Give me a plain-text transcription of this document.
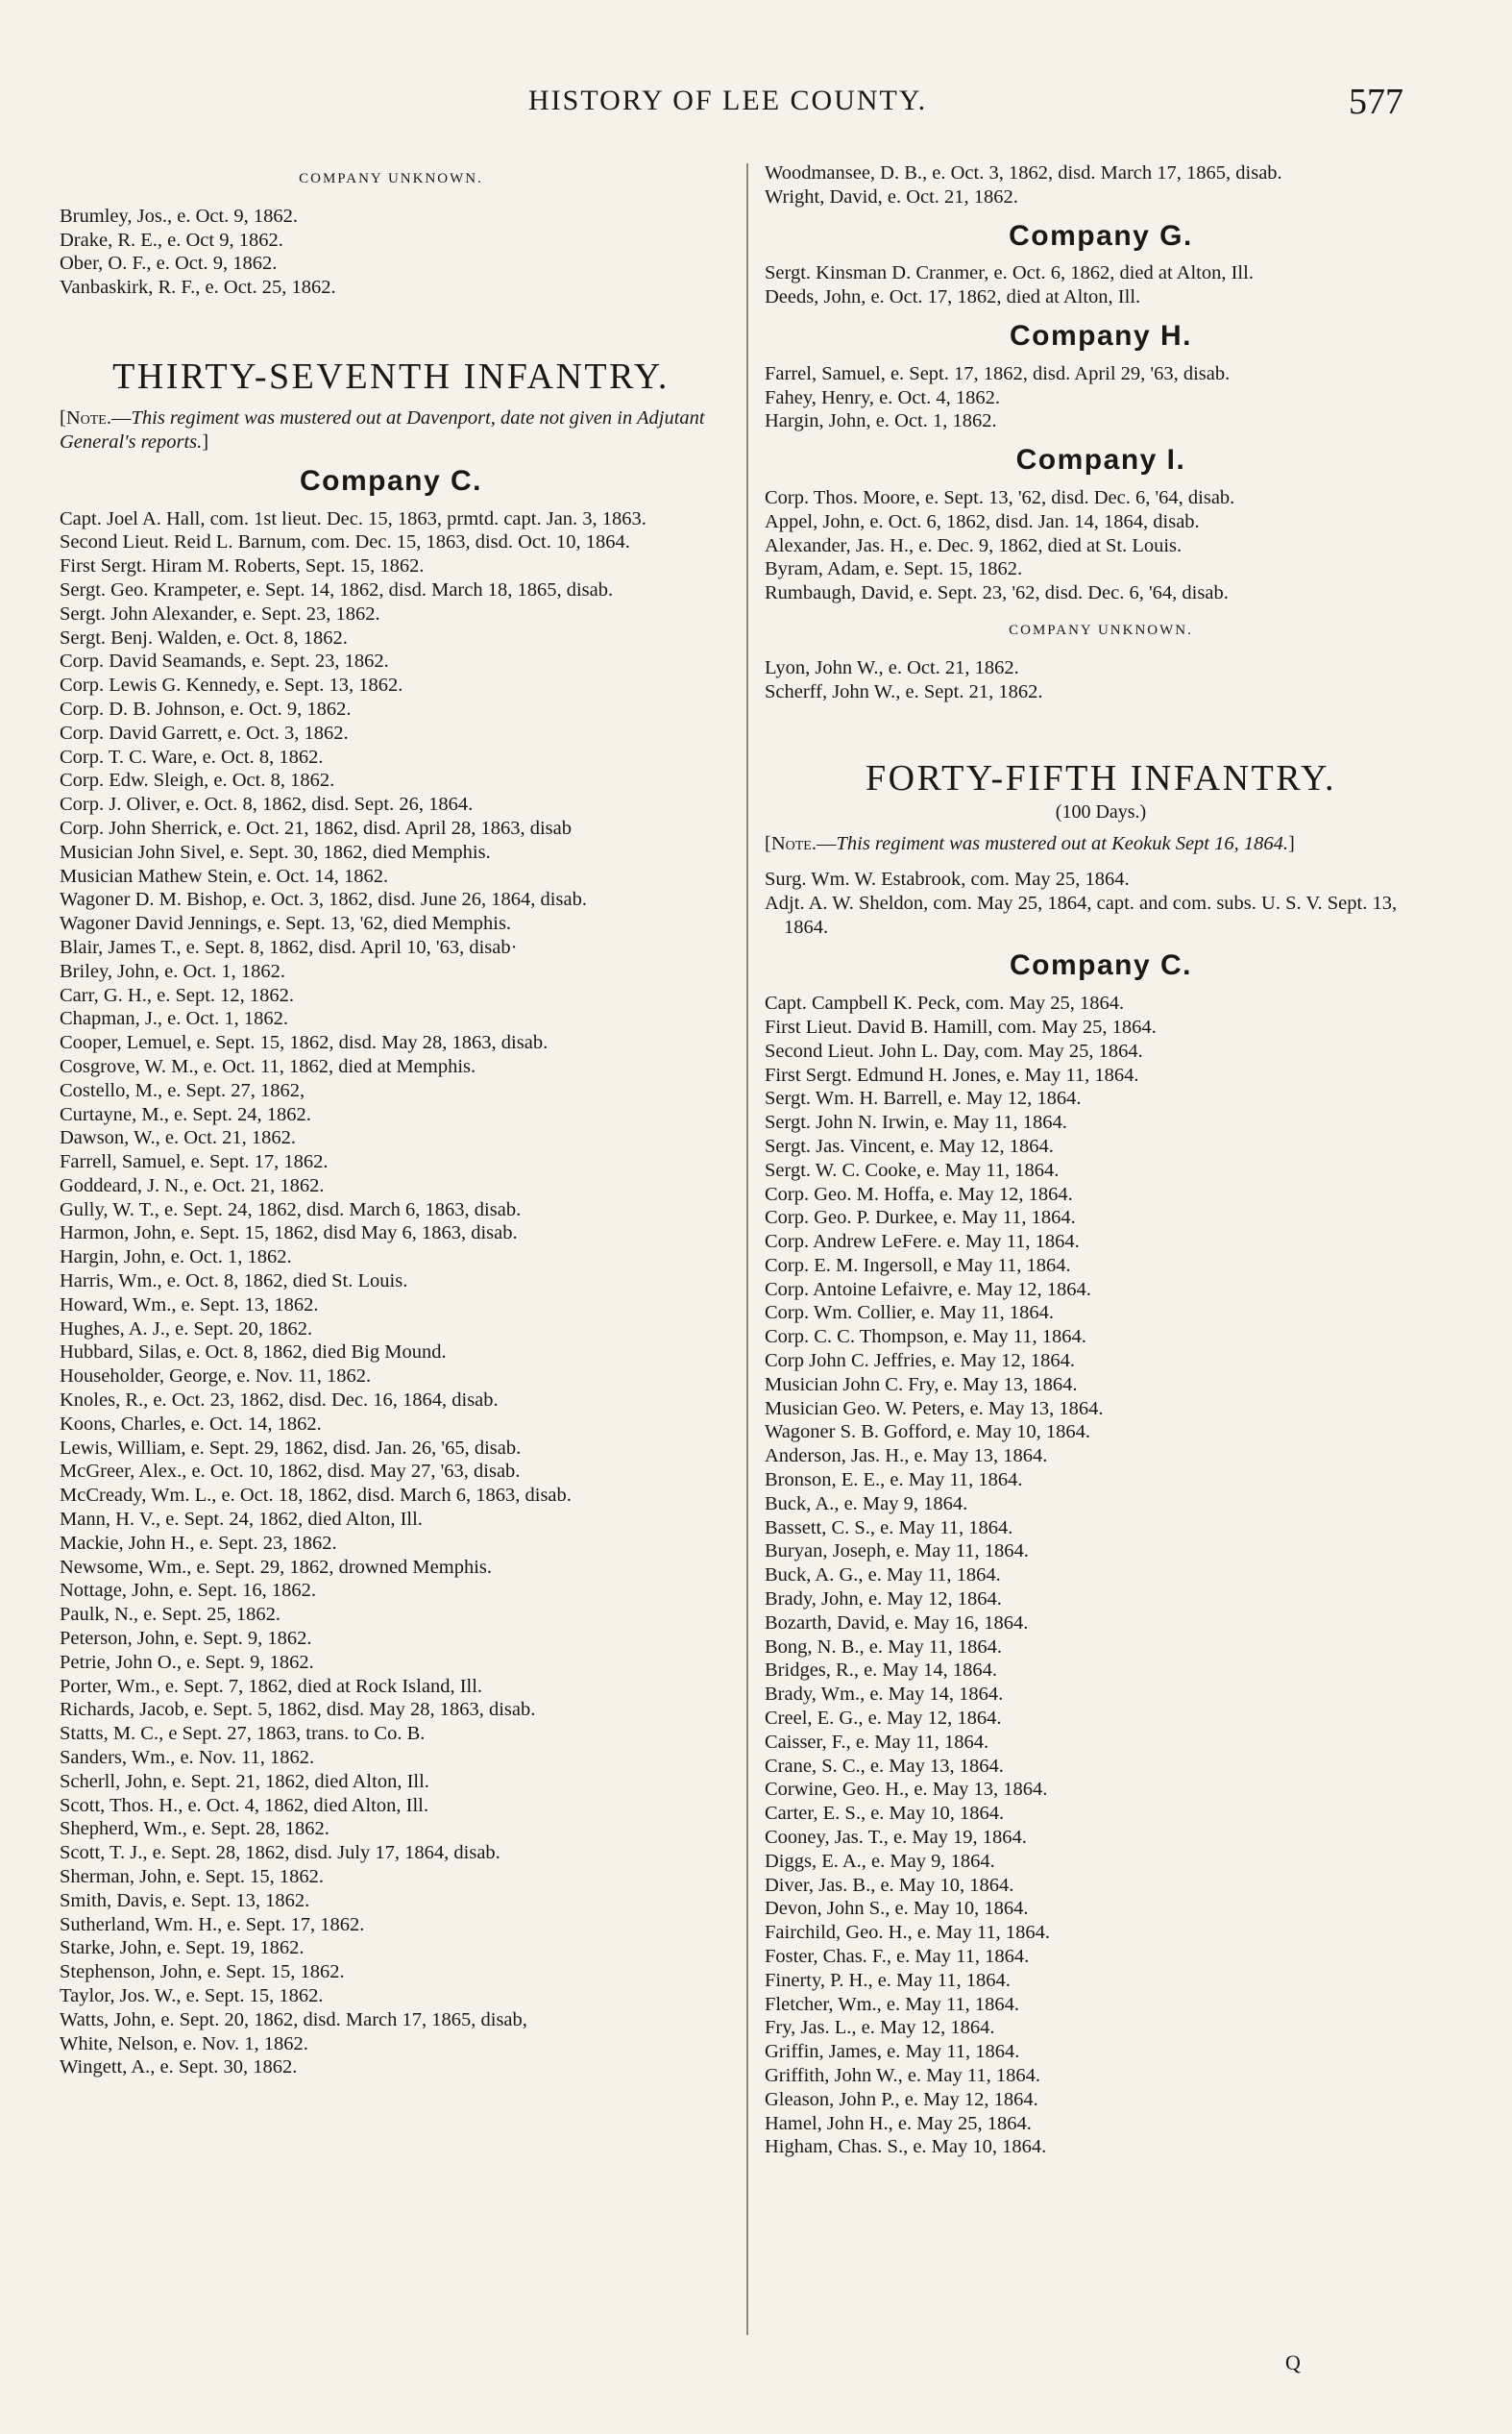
HISTORY OF LEE COUNTY.	577
COMPANY UNKNOWN.

Brumley, Jos., e. Oct. 9, 1862.

Drake, R. E., e. Oct 9, 1862.

Ober, O. F., e. Oct. 9, 1862.

Vanbaskirk, R. F., e. Oct. 25, 1862.

THIRTY-SEVENTH INFANTRY.

[Note.—This regiment was mustered out at Davenport, date not given in Adjutant General's reports.]

Company C.

Capt. Joel A. Hall, com. 1st lieut. Dec. 15, 1863, prmtd. capt. Jan. 3, 1863.

Second Lieut. Reid L. Barnum, com. Dec. 15, 1863, disd. Oct. 10, 1864.

First Sergt. Hiram M. Roberts, Sept. 15, 1862.

Sergt. Geo. Krampeter, e. Sept. 14, 1862, disd. March 18, 1865, disab.

Sergt. John Alexander, e. Sept. 23, 1862.

Sergt. Benj. Walden, e. Oct. 8, 1862.

Corp. David Seamands, e. Sept. 23, 1862.

Corp. Lewis G. Kennedy, e. Sept. 13, 1862.

Corp. D. B. Johnson, e. Oct. 9, 1862.

Corp. David Garrett, e. Oct. 3, 1862.

Corp. T. C. Ware, e. Oct. 8, 1862.

Corp. Edw. Sleigh, e. Oct. 8, 1862.

Corp. J. Oliver, e. Oct. 8, 1862, disd. Sept. 26, 1864.

Corp. John Sherrick, e. Oct. 21, 1862, disd. April 28, 1863, disab

Musician John Sivel, e. Sept. 30, 1862, died Memphis.

Musician Mathew Stein, e. Oct. 14, 1862.

Wagoner D. M. Bishop, e. Oct. 3, 1862, disd. June 26, 1864, disab.

Wagoner David Jennings, e. Sept. 13, '62, died Memphis.

Blair, James T., e. Sept. 8, 1862, disd. April 10, '63, disab·

Briley, John, e. Oct. 1, 1862.

Carr, G. H., e. Sept. 12, 1862.

Chapman, J., e. Oct. 1, 1862.

Cooper, Lemuel, e. Sept. 15, 1862, disd. May 28, 1863, disab.

Cosgrove, W. M., e. Oct. 11, 1862, died at Memphis.

Costello, M., e. Sept. 27, 1862,

Curtayne, M., e. Sept. 24, 1862.

Dawson, W., e. Oct. 21, 1862.

Farrell, Samuel, e. Sept. 17, 1862.

Goddeard, J. N., e. Oct. 21, 1862.

Gully, W. T., e. Sept. 24, 1862, disd. March 6, 1863, disab.

Harmon, John, e. Sept. 15, 1862, disd May 6, 1863, disab.

Hargin, John, e. Oct. 1, 1862.

Harris, Wm., e. Oct. 8, 1862, died St. Louis.

Howard, Wm., e. Sept. 13, 1862.

Hughes, A. J., e. Sept. 20, 1862.

Hubbard, Silas, e. Oct. 8, 1862, died Big Mound.

Householder, George, e. Nov. 11, 1862.

Knoles, R., e. Oct. 23, 1862, disd. Dec. 16, 1864, disab.

Koons, Charles, e. Oct. 14, 1862.

Lewis, William, e. Sept. 29, 1862, disd. Jan. 26, '65, disab.

McGreer, Alex., e. Oct. 10, 1862, disd. May 27, '63, disab.

McCready, Wm. L., e. Oct. 18, 1862, disd. March 6, 1863, disab.

Mann, H. V., e. Sept. 24, 1862, died Alton, Ill.

Mackie, John H., e. Sept. 23, 1862.

Newsome, Wm., e. Sept. 29, 1862, drowned Memphis.

Nottage, John, e. Sept. 16, 1862.

Paulk, N., e. Sept. 25, 1862.

Peterson, John, e. Sept. 9, 1862.

Petrie, John O., e. Sept. 9, 1862.

Porter, Wm., e. Sept. 7, 1862, died at Rock Island, Ill.

Richards, Jacob, e. Sept. 5, 1862, disd. May 28, 1863, disab.

Statts, M. C., e Sept. 27, 1863, trans. to Co. B.

Sanders, Wm., e. Nov. 11, 1862.

Scherll, John, e. Sept. 21, 1862, died Alton, Ill.

Scott, Thos. H., e. Oct. 4, 1862, died Alton, Ill.

Shepherd, Wm., e. Sept. 28, 1862.

Scott, T. J., e. Sept. 28, 1862, disd. July 17, 1864, disab.

Sherman, John, e. Sept. 15, 1862.

Smith, Davis, e. Sept. 13, 1862.

Sutherland, Wm. H., e. Sept. 17, 1862.

Starke, John, e. Sept. 19, 1862.

Stephenson, John, e. Sept. 15, 1862.

Taylor, Jos. W., e. Sept. 15, 1862.

Watts, John, e. Sept. 20, 1862, disd. March 17, 1865, disab,

White, Nelson, e. Nov. 1, 1862.

Wingett, A., e. Sept. 30, 1862.

Woodmansee, D. B., e. Oct. 3, 1862, disd. March 17, 1865, disab.

Wright, David, e. Oct. 21, 1862.

Company G.

Sergt. Kinsman D. Cranmer, e. Oct. 6, 1862, died at Alton, Ill.

Deeds, John, e. Oct. 17, 1862, died at Alton, Ill.

Company H.

Farrel, Samuel, e. Sept. 17, 1862, disd. April 29, '63, disab.

Fahey, Henry, e. Oct. 4, 1862.

Hargin, John, e. Oct. 1, 1862.

Company I.

Corp. Thos. Moore, e. Sept. 13, '62, disd. Dec. 6, '64, disab.

Appel, John, e. Oct. 6, 1862, disd. Jan. 14, 1864, disab.

Alexander, Jas. H., e. Dec. 9, 1862, died at St. Louis.

Byram, Adam, e. Sept. 15, 1862.

Rumbaugh, David, e. Sept. 23, '62, disd. Dec. 6, '64, disab.

COMPANY UNKNOWN.

Lyon, John W., e. Oct. 21, 1862.

Scherff, John W., e. Sept. 21, 1862.

FORTY-FIFTH INFANTRY.
(100 Days.)

[Note.—This regiment was mustered out at Keokuk Sept 16, 1864.]

Surg. Wm. W. Estabrook, com. May 25, 1864.

Adjt. A. W. Sheldon, com. May 25, 1864, capt. and com. subs. U. S. V. Sept. 13, 1864.

Company C.

Capt. Campbell K. Peck, com. May 25, 1864.

First Lieut. David B. Hamill, com. May 25, 1864.

Second Lieut. John L. Day, com. May 25, 1864.

First Sergt. Edmund H. Jones, e. May 11, 1864.

Sergt. Wm. H. Barrell, e. May 12, 1864.

Sergt. John N. Irwin, e. May 11, 1864.

Sergt. Jas. Vincent, e. May 12, 1864.

Sergt. W. C. Cooke, e. May 11, 1864.

Corp. Geo. M. Hoffa, e. May 12, 1864.

Corp. Geo. P. Durkee, e. May 11, 1864.

Corp. Andrew LeFere. e. May 11, 1864.

Corp. E. M. Ingersoll, e May 11, 1864.

Corp. Antoine Lefaivre, e. May 12, 1864.

Corp. Wm. Collier, e. May 11, 1864.

Corp. C. C. Thompson, e. May 11, 1864.

Corp John C. Jeffries, e. May 12, 1864.

Musician John C. Fry, e. May 13, 1864.

Musician Geo. W. Peters, e. May 13, 1864.

Wagoner S. B. Gofford, e. May 10, 1864.

Anderson, Jas. H., e. May 13, 1864.

Bronson, E. E., e. May 11, 1864.

Buck, A., e. May 9, 1864.

Bassett, C. S., e. May 11, 1864.

Buryan, Joseph, e. May 11, 1864.

Buck, A. G., e. May 11, 1864.

Brady, John, e. May 12, 1864.

Bozarth, David, e. May 16, 1864.

Bong, N. B., e. May 11, 1864.

Bridges, R., e. May 14, 1864.

Brady, Wm., e. May 14, 1864.

Creel, E. G., e. May 12, 1864.

Caisser, F., e. May 11, 1864.

Crane, S. C., e. May 13, 1864.

Corwine, Geo. H., e. May 13, 1864.

Carter, E. S., e. May 10, 1864.

Cooney, Jas. T., e. May 19, 1864.

Diggs, E. A., e. May 9, 1864.

Diver, Jas. B., e. May 10, 1864.

Devon, John S., e. May 10, 1864.

Fairchild, Geo. H., e. May 11, 1864.

Foster, Chas. F., e. May 11, 1864.

Finerty, P. H., e. May 11, 1864.

Fletcher, Wm., e. May 11, 1864.

Fry, Jas. L., e. May 12, 1864.

Griffin, James, e. May 11, 1864.

Griffith, John W., e. May 11, 1864.

Gleason, John P., e. May 12, 1864.

Hamel, John H., e. May 25, 1864.

Higham, Chas. S., e. May 10, 1864.

Q
